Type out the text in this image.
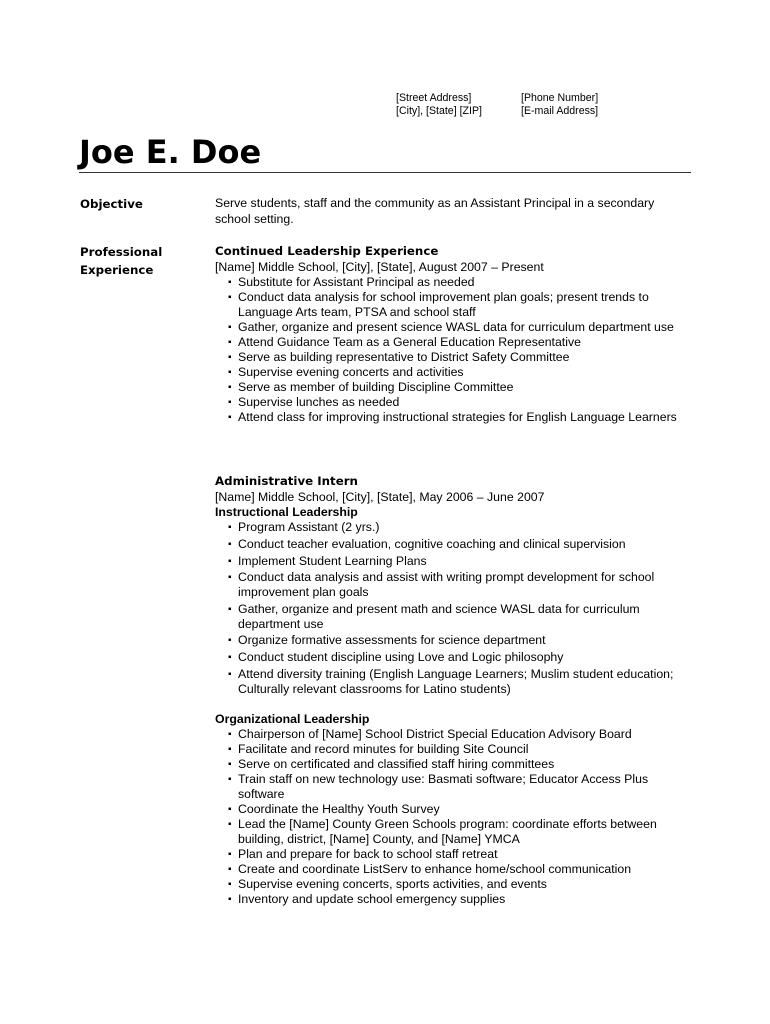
[Street Address]
[City], [State] [ZIP]
[Phone Number]
[E-mail Address]
Joe E. Doe
Objective	Serve students, staff and the community as an Assistant Principal in a secondary school setting.
Professional
Experience
Continued Leadership Experience
[Name] Middle School, [City], [State], August 2007 – Present
▪ Substitute for Assistant Principal as needed
▪ Conduct data analysis for school improvement plan goals; present trends to Language Arts team, PTSA and school staff
▪ Gather, organize and present science WASL data for curriculum department use
▪ Attend Guidance Team as a General Education Representative
▪ Serve as building representative to District Safety Committee
▪ Supervise evening concerts and activities
▪ Serve as member of building Discipline Committee
▪ Supervise lunches as needed
▪ Attend class for improving instructional strategies for English Language Learners
Administrative Intern
[Name] Middle School, [City], [State], May 2006 – June 2007
Instructional Leadership
▪ Program Assistant (2 yrs.)
▪ Conduct teacher evaluation, cognitive coaching and clinical supervision
▪ Implement Student Learning Plans
▪ Conduct data analysis and assist with writing prompt development for school improvement plan goals
▪ Gather, organize and present math and science WASL data for curriculum department use
▪ Organize formative assessments for science department
▪ Conduct student discipline using Love and Logic philosophy
▪ Attend diversity training (English Language Learners; Muslim student education; Culturally relevant classrooms for Latino students)
Organizational Leadership
▪ Chairperson of [Name] School District Special Education Advisory Board
▪ Facilitate and record minutes for building Site Council
▪ Serve on certificated and classified staff hiring committees
▪ Train staff on new technology use: Basmati software; Educator Access Plus software
▪ Coordinate the Healthy Youth Survey
▪ Lead the [Name] County Green Schools program: coordinate efforts between building, district, [Name] County, and [Name] YMCA
▪ Plan and prepare for back to school staff retreat
▪ Create and coordinate ListServ to enhance home/school communication
▪ Supervise evening concerts, sports activities, and events
▪ Inventory and update school emergency supplies
